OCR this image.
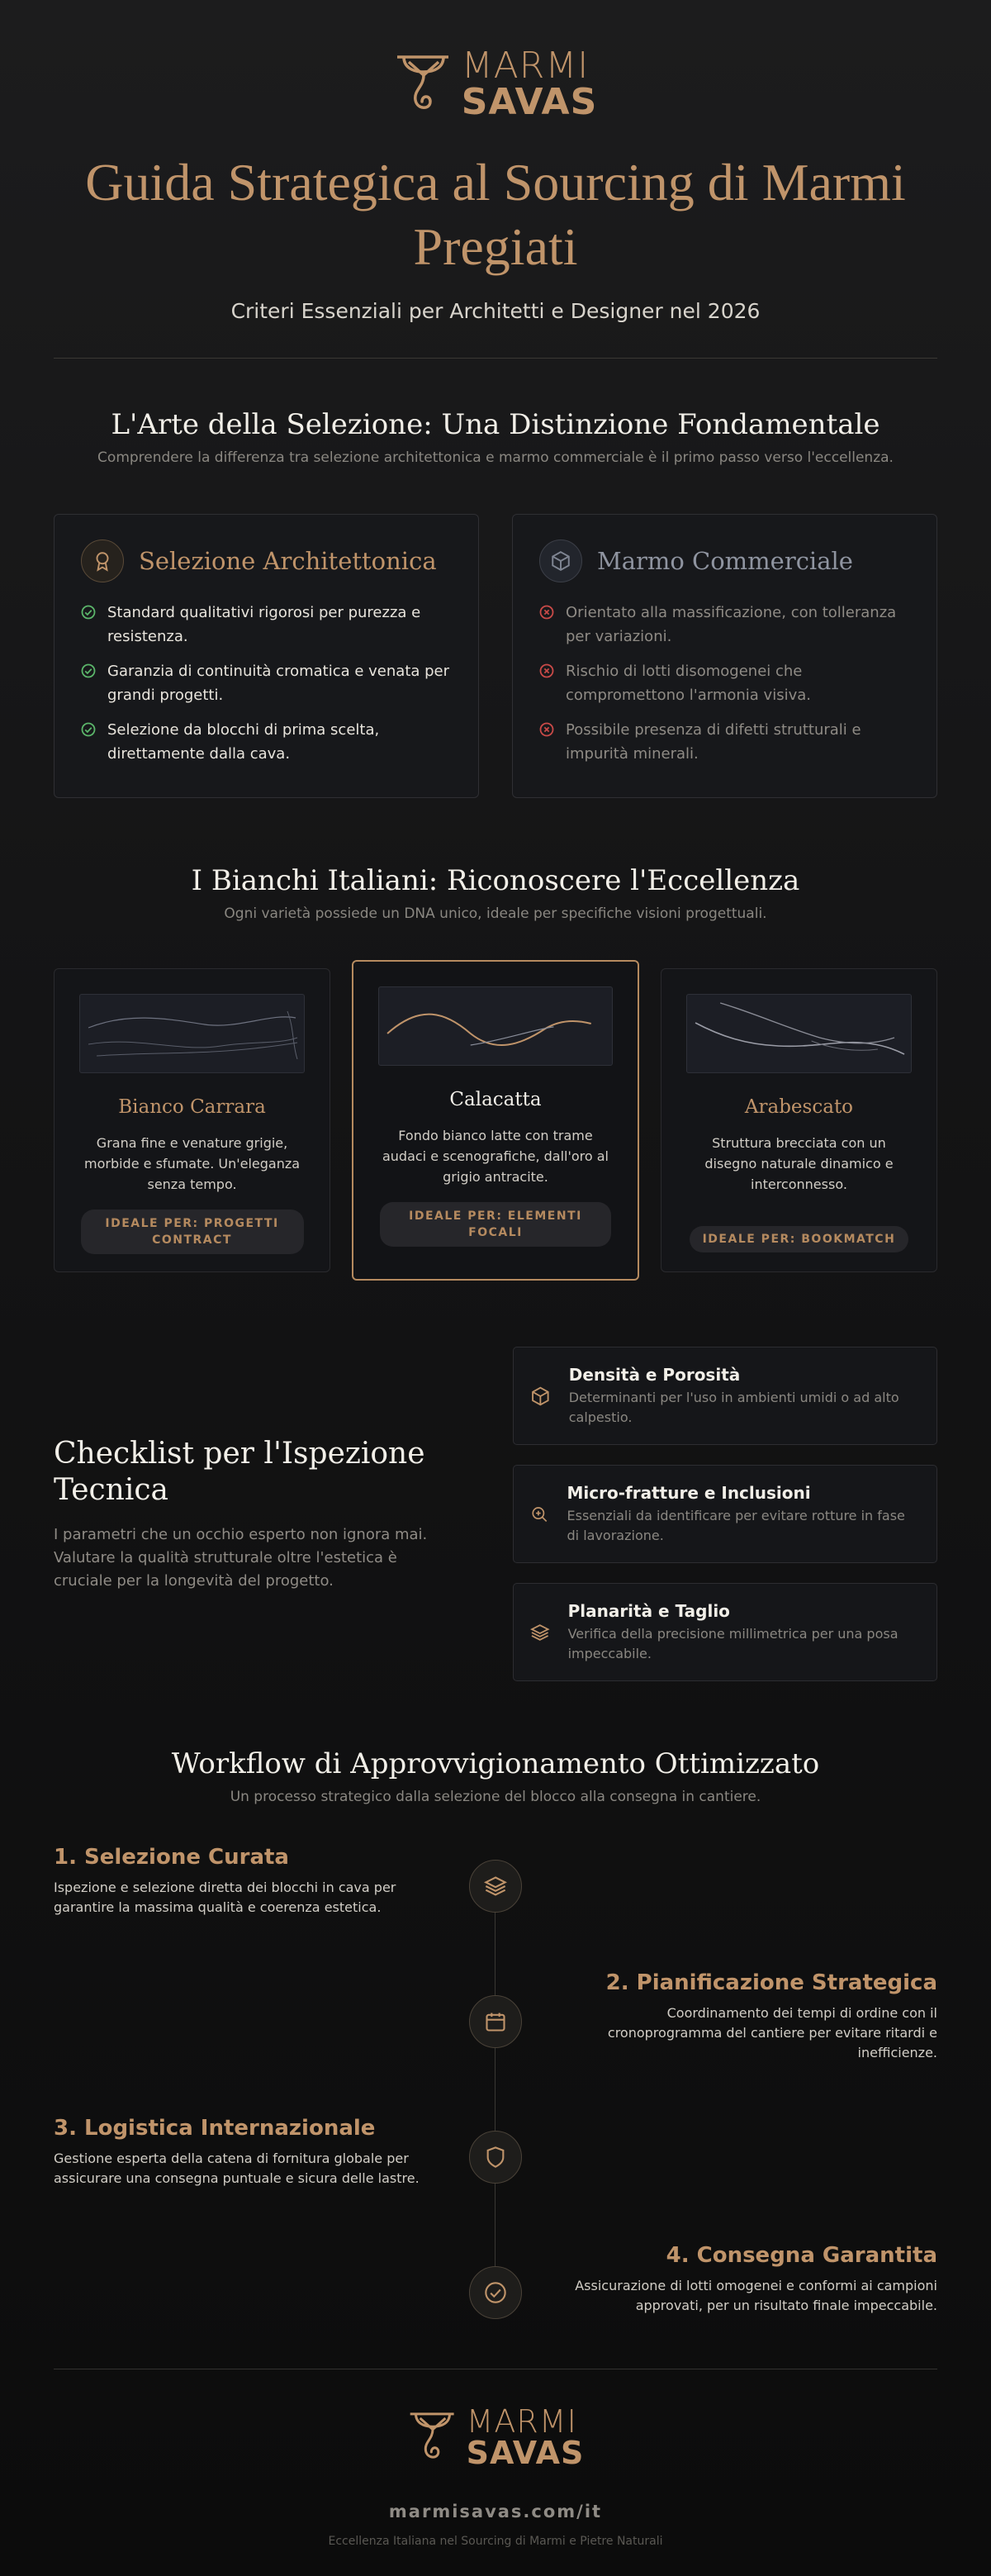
MARMI
SAVAS
Guida Strategica al Sourcing di Marmi Pregiati
Criteri Essenziali per Architetti e Designer nel 2026
L'Arte della Selezione: Una Distinzione Fondamentale
Comprendere la differenza tra selezione architettonica e marmo commerciale è il primo passo verso l'eccellenza.
Selezione Architettonica
Standard qualitativi rigorosi per purezza e resistenza.
Garanzia di continuità cromatica e venata per grandi progetti.
Selezione da blocchi di prima scelta, direttamente dalla cava.
Marmo Commerciale
Orientato alla massificazione, con tolleranza per variazioni.
Rischio di lotti disomogenei che compromettono l'armonia visiva.
Possibile presenza di difetti strutturali e impurità minerali.
I Bianchi Italiani: Riconoscere l'Eccellenza
Ogni varietà possiede un DNA unico, ideale per specifiche visioni progettuali.
Bianco Carrara
Grana fine e venature grigie, morbide e sfumate. Un'eleganza senza tempo.
IDEALE PER: PROGETTI CONTRACT
Calacatta
Fondo bianco latte con trame audaci e scenografiche, dall'oro al grigio antracite.
IDEALE PER: ELEMENTI FOCALI
Arabescato
Struttura brecciata con un disegno naturale dinamico e interconnesso.
IDEALE PER: BOOKMATCH
Checklist per l'Ispezione Tecnica
I parametri che un occhio esperto non ignora mai. Valutare la qualità strutturale oltre l'estetica è cruciale per la longevità del progetto.
Densità e Porosità
Determinanti per l'uso in ambienti umidi o ad alto calpestio.
Micro-fratture e Inclusioni
Essenziali da identificare per evitare rotture in fase di lavorazione.
Planarità e Taglio
Verifica della precisione millimetrica per una posa impeccabile.
Workflow di Approvvigionamento Ottimizzato
Un processo strategico dalla selezione del blocco alla consegna in cantiere.
1. Selezione Curata
Ispezione e selezione diretta dei blocchi in cava per garantire la massima qualità e coerenza estetica.
2. Pianificazione Strategica
Coordinamento dei tempi di ordine con il cronoprogramma del cantiere per evitare ritardi e inefficienze.
3. Logistica Internazionale
Gestione esperta della catena di fornitura globale per assicurare una consegna puntuale e sicura delle lastre.
4. Consegna Garantita
Assicurazione di lotti omogenei e conformi ai campioni approvati, per un risultato finale impeccabile.
MARMI
SAVAS
marmisavas.com/it
Eccellenza Italiana nel Sourcing di Marmi e Pietre Naturali
